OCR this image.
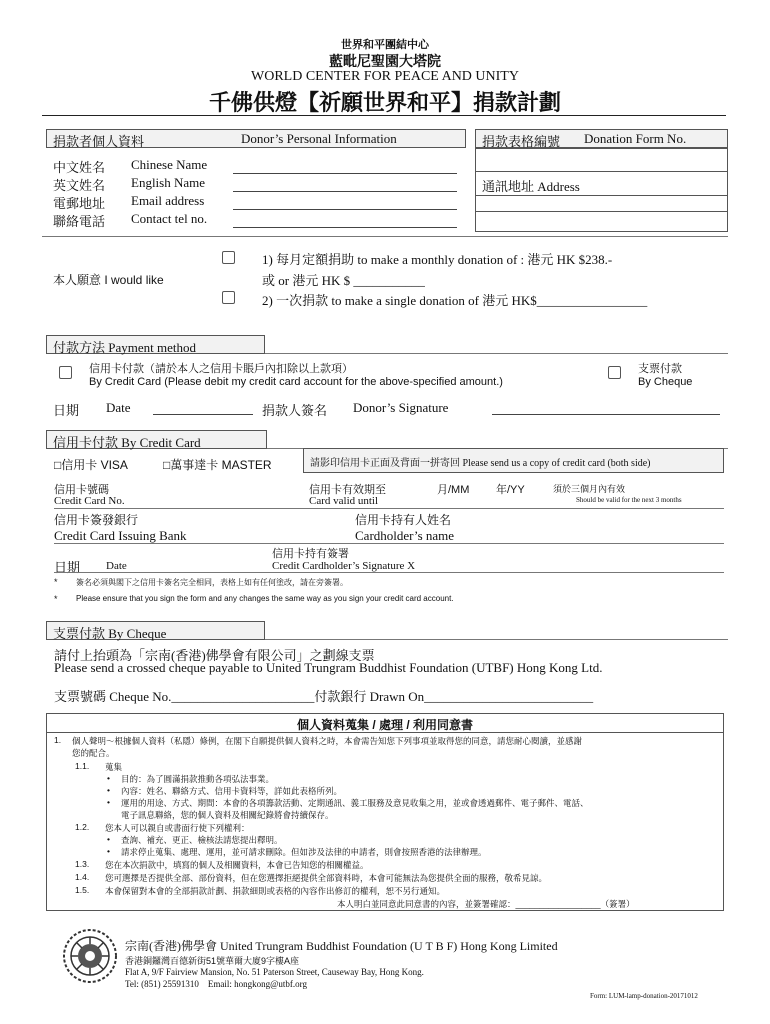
世界和平團結中心
藍毗尼聖園大塔院
WORLD CENTER FOR PEACE AND UNITY
千佛供燈【祈願世界和平】捐款計劃
捐款者個人資料	Donor’s Personal Information	捐款表格編號 Donation Form No.
通訊地址 Address
中文姓名 Chinese Name
英文姓名 English Name
電郵地址 Email address
聯絡電話 Contact tel no.
本人願意 I would like
1) 每月定額捐助 to make a monthly donation of : 港元 HK $238.-
或 or 港元 HK $ ___________
2) 一次捐款 to make a single donation of 港元 HK$_________________
付款方法 Payment method
信用卡付款（請於本人之信用卡賬戶內扣除以上款項）
By Credit Card (Please debit my credit card account for the above-specified amount.)
支票付款
By Cheque
日期 Date	捐款人簽名 Donor’s Signature
信用卡付款 By Credit Card
□信用卡 VISA	□萬事達卡 MASTER	請影印信用卡正面及背面一拼寄回 Please send us a copy of credit card (both side)
信用卡號碼
Credit Card No.
信用卡有效期至
Card valid until
月/MM 年/YY	須於三個月內有效
Should be valid for the next 3 months
信用卡簽發銀行
Credit Card Issuing Bank
信用卡持有人姓名
Cardholder’s name
信用卡持有簽署
日期 Date	Credit Cardholder’s Signature X
* 簽名必須與閣下之信用卡簽名完全相同，表格上如有任何塗改，請在旁簽署。
* Please ensure that you sign the form and any changes the same way as you sign your credit card account.
支票付款 By Cheque
請付上抬頭為「宗南(香港)佛學會有限公司」之劃線支票
Please send a crossed cheque payable to United Trungram Buddhist Foundation (UTBF) Hong Kong Ltd.
支票號碼 Cheque No.______________________付款銀行 Drawn On__________________________
個人資料蒐集 / 處理 / 利用同意書
1. 個人聲明～根據個人資料（私隱）條例，在閣下自願提供個人資料之時，本會需告知您下列事項並取得您的同意，請您耐心閱讀，並感謝
您的配合。
1.1. 蒐集
• 目的：為了圓滿捐款推動各項弘法事業。
• 內容：姓名、聯絡方式、信用卡資料等，詳如此表格所列。
• 運用的用途、方式、期間：本會的各項籌款活動、定期通訊、義工服務及意見收集之用，並或會透過郵件、電子郵件、電話、
電子訊息聯絡，您的個人資料及相關紀錄將會持續保存。
1.2. 您本人可以親自或書面行使下列權利：
• 查詢、補充、更正、檢核法請您提出釋明。
• 請求停止蒐集、處理、運用，並可請求刪除。但如涉及法律的申請者，則會按照香港的法律辦理。
1.3. 您在本次捐款中，填寫的個人及相關資料，本會已告知您的相關權益。
1.4. 您可選擇是否提供全部、部份資料，但在您選擇拒絕提供全部資料時，本會可能無法為您提供全面的服務，敬希見諒。
1.5. 本會保留對本會的全部捐款計劃、捐款細則或表格的內容作出修訂的權利，恕不另行通知。
本人明白並同意此同意書的內容，並簽署確認：__________________（簽署）
宗南(香港)佛學會 United Trungram Buddhist Foundation (U T B F) Hong Kong Limited
香港銅鑼灣百德新街51號華爾大廈9字樓A座
Flat A, 9/F Fairview Mansion, No. 51 Paterson Street, Causeway Bay, Hong Kong.
Tel: (851) 25591310    Email: hongkong@utbf.org
Form: LUM-lamp-donation-20171012
